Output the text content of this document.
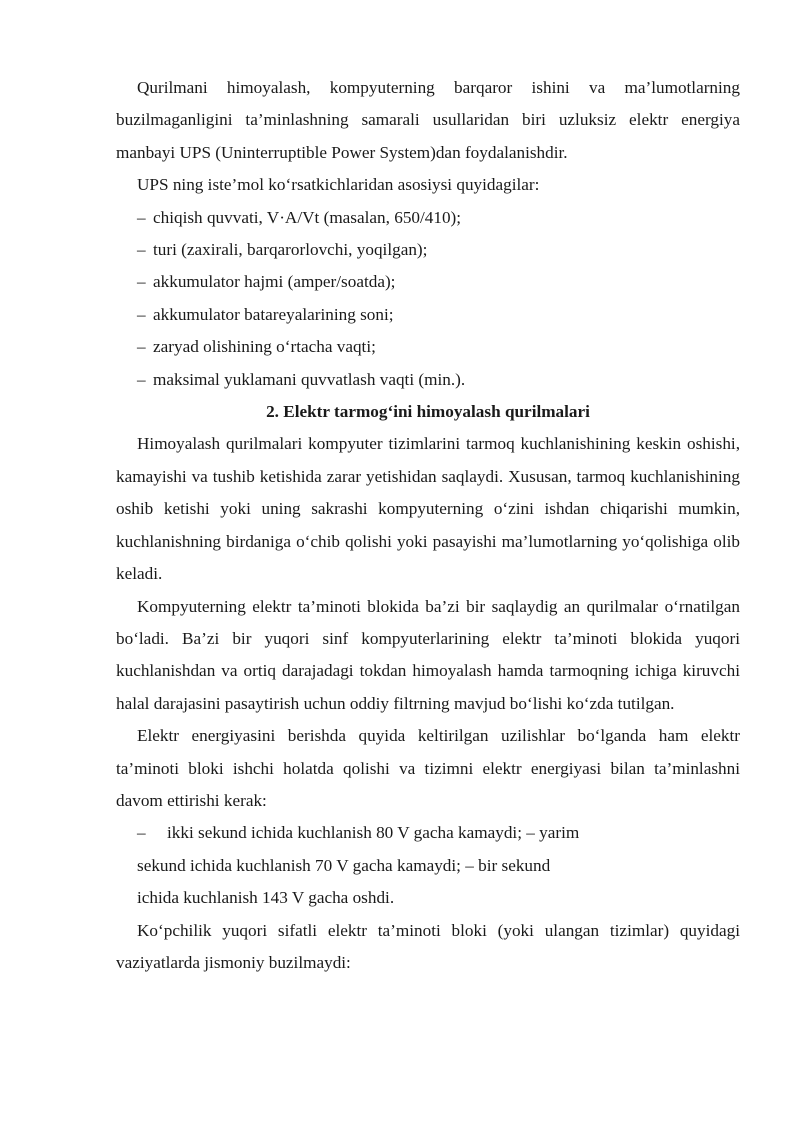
Qurilmani himoyalash, kompyuterning barqaror ishini va ma’lumotlarning buzilmaganligini ta’minlashning samarali usullaridan biri uzluksiz elektr energiya manbayi UPS (Uninterruptible Power System)dan foydalanishdir.

UPS ning iste’mol ko‘rsatkichlaridan asosiysi quyidagilar:

– chiqish quvvati, V·A/Vt (masalan, 650/410);

– turi (zaxirali, barqarorlovchi, yoqilgan);

– akkumulator hajmi (amper/soatda);

– akkumulator batareyalarining soni;

– zaryad olishining o‘rtacha vaqti;

– maksimal yuklamani quvvatlash vaqti (min.).

2. Elektr tarmog‘ini himoyalash qurilmalari

Himoyalash qurilmalari kompyuter tizimlarini tarmoq kuchlanishining keskin oshishi, kamayishi va tushib ketishida zarar yetishidan saqlaydi. Xususan, tarmoq kuchlanishining oshib ketishi yoki uning sakrashi kompyuterning o‘zini ishdan chiqarishi mumkin, kuchlanishning birdaniga o‘chib qolishi yoki pasayishi ma’lumotlarning yo‘qolishiga olib keladi.

Kompyuterning elektr ta’minoti blokida ba’zi bir saqlaydig an qurilmalar o‘rnatilgan bo‘ladi. Ba’zi bir yuqori sinf kompyuterlarining elektr ta’minoti blokida yuqori kuchlanishdan va ortiq darajadagi tokdan himoyalash hamda tarmoqning ichiga kiruvchi halal darajasini pasaytirish uchun oddiy filtrning mavjud bo‘lishi ko‘zda tutilgan.

Elektr energiyasini berishda quyida keltirilgan uzilishlar bo‘lganda ham elektr ta’minoti bloki ishchi holatda qolishi va tizimni elektr energiyasi bilan ta’minlashni davom ettirishi kerak:

– ikki sekund ichida kuchlanish 80 V gacha kamaydi; – yarim

sekund ichida kuchlanish 70 V gacha kamaydi; – bir sekund

ichida kuchlanish 143 V gacha oshdi.

Ko‘pchilik yuqori sifatli elektr ta’minoti bloki (yoki ulangan tizimlar) quyidagi vaziyatlarda jismoniy buzilmaydi:
